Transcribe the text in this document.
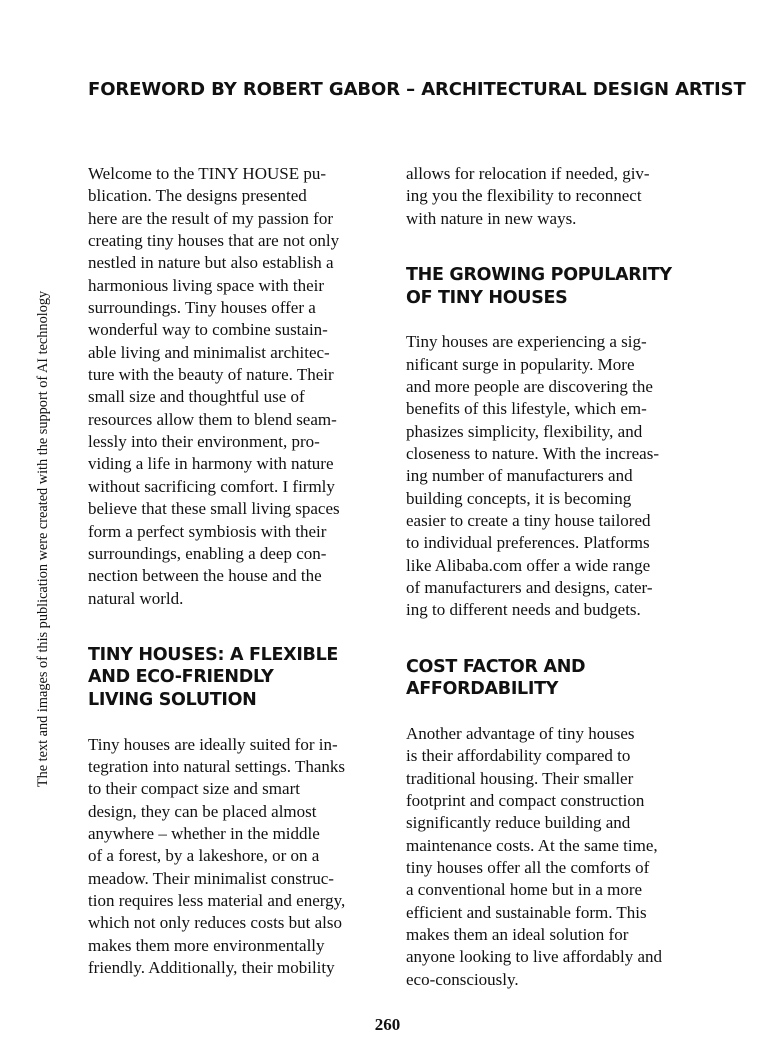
FOREWORD BY ROBERT GABOR – ARCHITECTURAL DESIGN ARTIST
The text and images of this publication were created with the support of AI technology

Welcome to the TINY HOUSE pu-
blication. The designs presented
here are the result of my passion for
creating tiny houses that are not only
nestled in nature but also establish a
harmonious living space with their
surroundings. Tiny houses offer a
wonderful way to combine sustain-
able living and minimalist architec-
ture with the beauty of nature. Their
small size and thoughtful use of
resources allow them to blend seam-
lessly into their environment, pro-
viding a life in harmony with nature
without sacrificing comfort. I firmly
believe that these small living spaces
form a perfect symbiosis with their
surroundings, enabling a deep con-
nection between the house and the
natural world.

TINY HOUSES: A FLEXIBLE
AND ECO-FRIENDLY
LIVING SOLUTION

Tiny houses are ideally suited for in-
tegration into natural settings. Thanks
to their compact size and smart
design, they can be placed almost
anywhere – whether in the middle
of a forest, by a lakeshore, or on a
meadow. Their minimalist construc-
tion requires less material and energy,
which not only reduces costs but also
makes them more environmentally
friendly. Additionally, their mobility

allows for relocation if needed, giv-
ing you the flexibility to reconnect
with nature in new ways.

THE GROWING POPULARITY
OF TINY HOUSES

Tiny houses are experiencing a sig-
nificant surge in popularity. More
and more people are discovering the
benefits of this lifestyle, which em-
phasizes simplicity, flexibility, and
closeness to nature. With the increas-
ing number of manufacturers and
building concepts, it is becoming
easier to create a tiny house tailored
to individual preferences. Platforms
like Alibaba.com offer a wide range
of manufacturers and designs, cater-
ing to different needs and budgets.

COST FACTOR AND
AFFORDABILITY

Another advantage of tiny houses
is their affordability compared to
traditional housing. Their smaller
footprint and compact construction
significantly reduce building and
maintenance costs. At the same time,
tiny houses offer all the comforts of
a conventional home but in a more
efficient and sustainable form. This
makes them an ideal solution for
anyone looking to live affordably and
eco-consciously.

260
